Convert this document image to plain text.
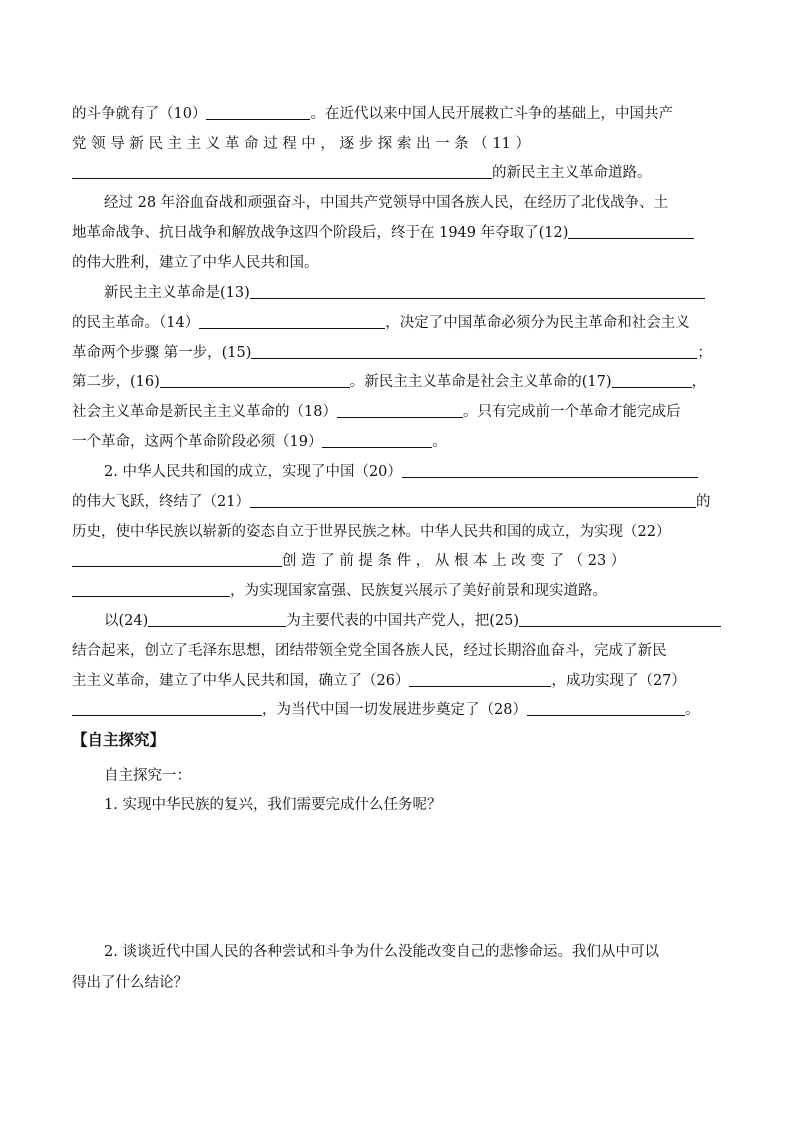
的斗争就有了（10）	。在近代以来中国人民开展救亡斗争的基础上，中国共产
党 领 导 新 民 主 主 义 革 命 过 程 中 ， 逐 步 探 索 出 一 条 （ 11 ）
的新民主主义革命道路。
经过 28 年浴血奋战和顽强奋斗，中国共产党领导中国各族人民，在经历了北伐战争、土
地革命战争、抗日战争和解放战争这四个阶段后，终于在 1949 年夺取了(12)
的伟大胜利，建立了中华人民共和国。
新民主主义革命是(13)
的民主革命。（14）	，决定了中国革命必须分为民主革命和社会主义
革命两个步骤 第一步，(15)	；
第二步，(16)	。新民主主义革命是社会主义革命的(17)	，
社会主义革命是新民主主义革命的（18）	。只有完成前一个革命才能完成后
一个革命，这两个革命阶段必须（19）	。
2. 中华人民共和国的成立，实现了中国（20）
的伟大飞跃，终结了（21）	的
历史，使中华民族以崭新的姿态自立于世界民族之林。中华人民共和国的成立，为实现（22）
创 造 了 前 提 条 件 ， 从 根 本 上 改 变 了 （ 23 ）
，为实现国家富强、民族复兴展示了美好前景和现实道路。
以(24)	为主要代表的中国共产党人，把(25)
结合起来，创立了毛泽东思想，团结带领全党全国各族人民，经过长期浴血奋斗，完成了新民
主主义革命，建立了中华人民共和国，确立了（26）	，成功实现了（27）
，为当代中国一切发展进步奠定了（28）	。
【自主探究】
自主探究一：
1. 实现中华民族的复兴，我们需要完成什么任务呢？
2. 谈谈近代中国人民的各种尝试和斗争为什么没能改变自己的悲惨命运。我们从中可以
得出了什么结论？
